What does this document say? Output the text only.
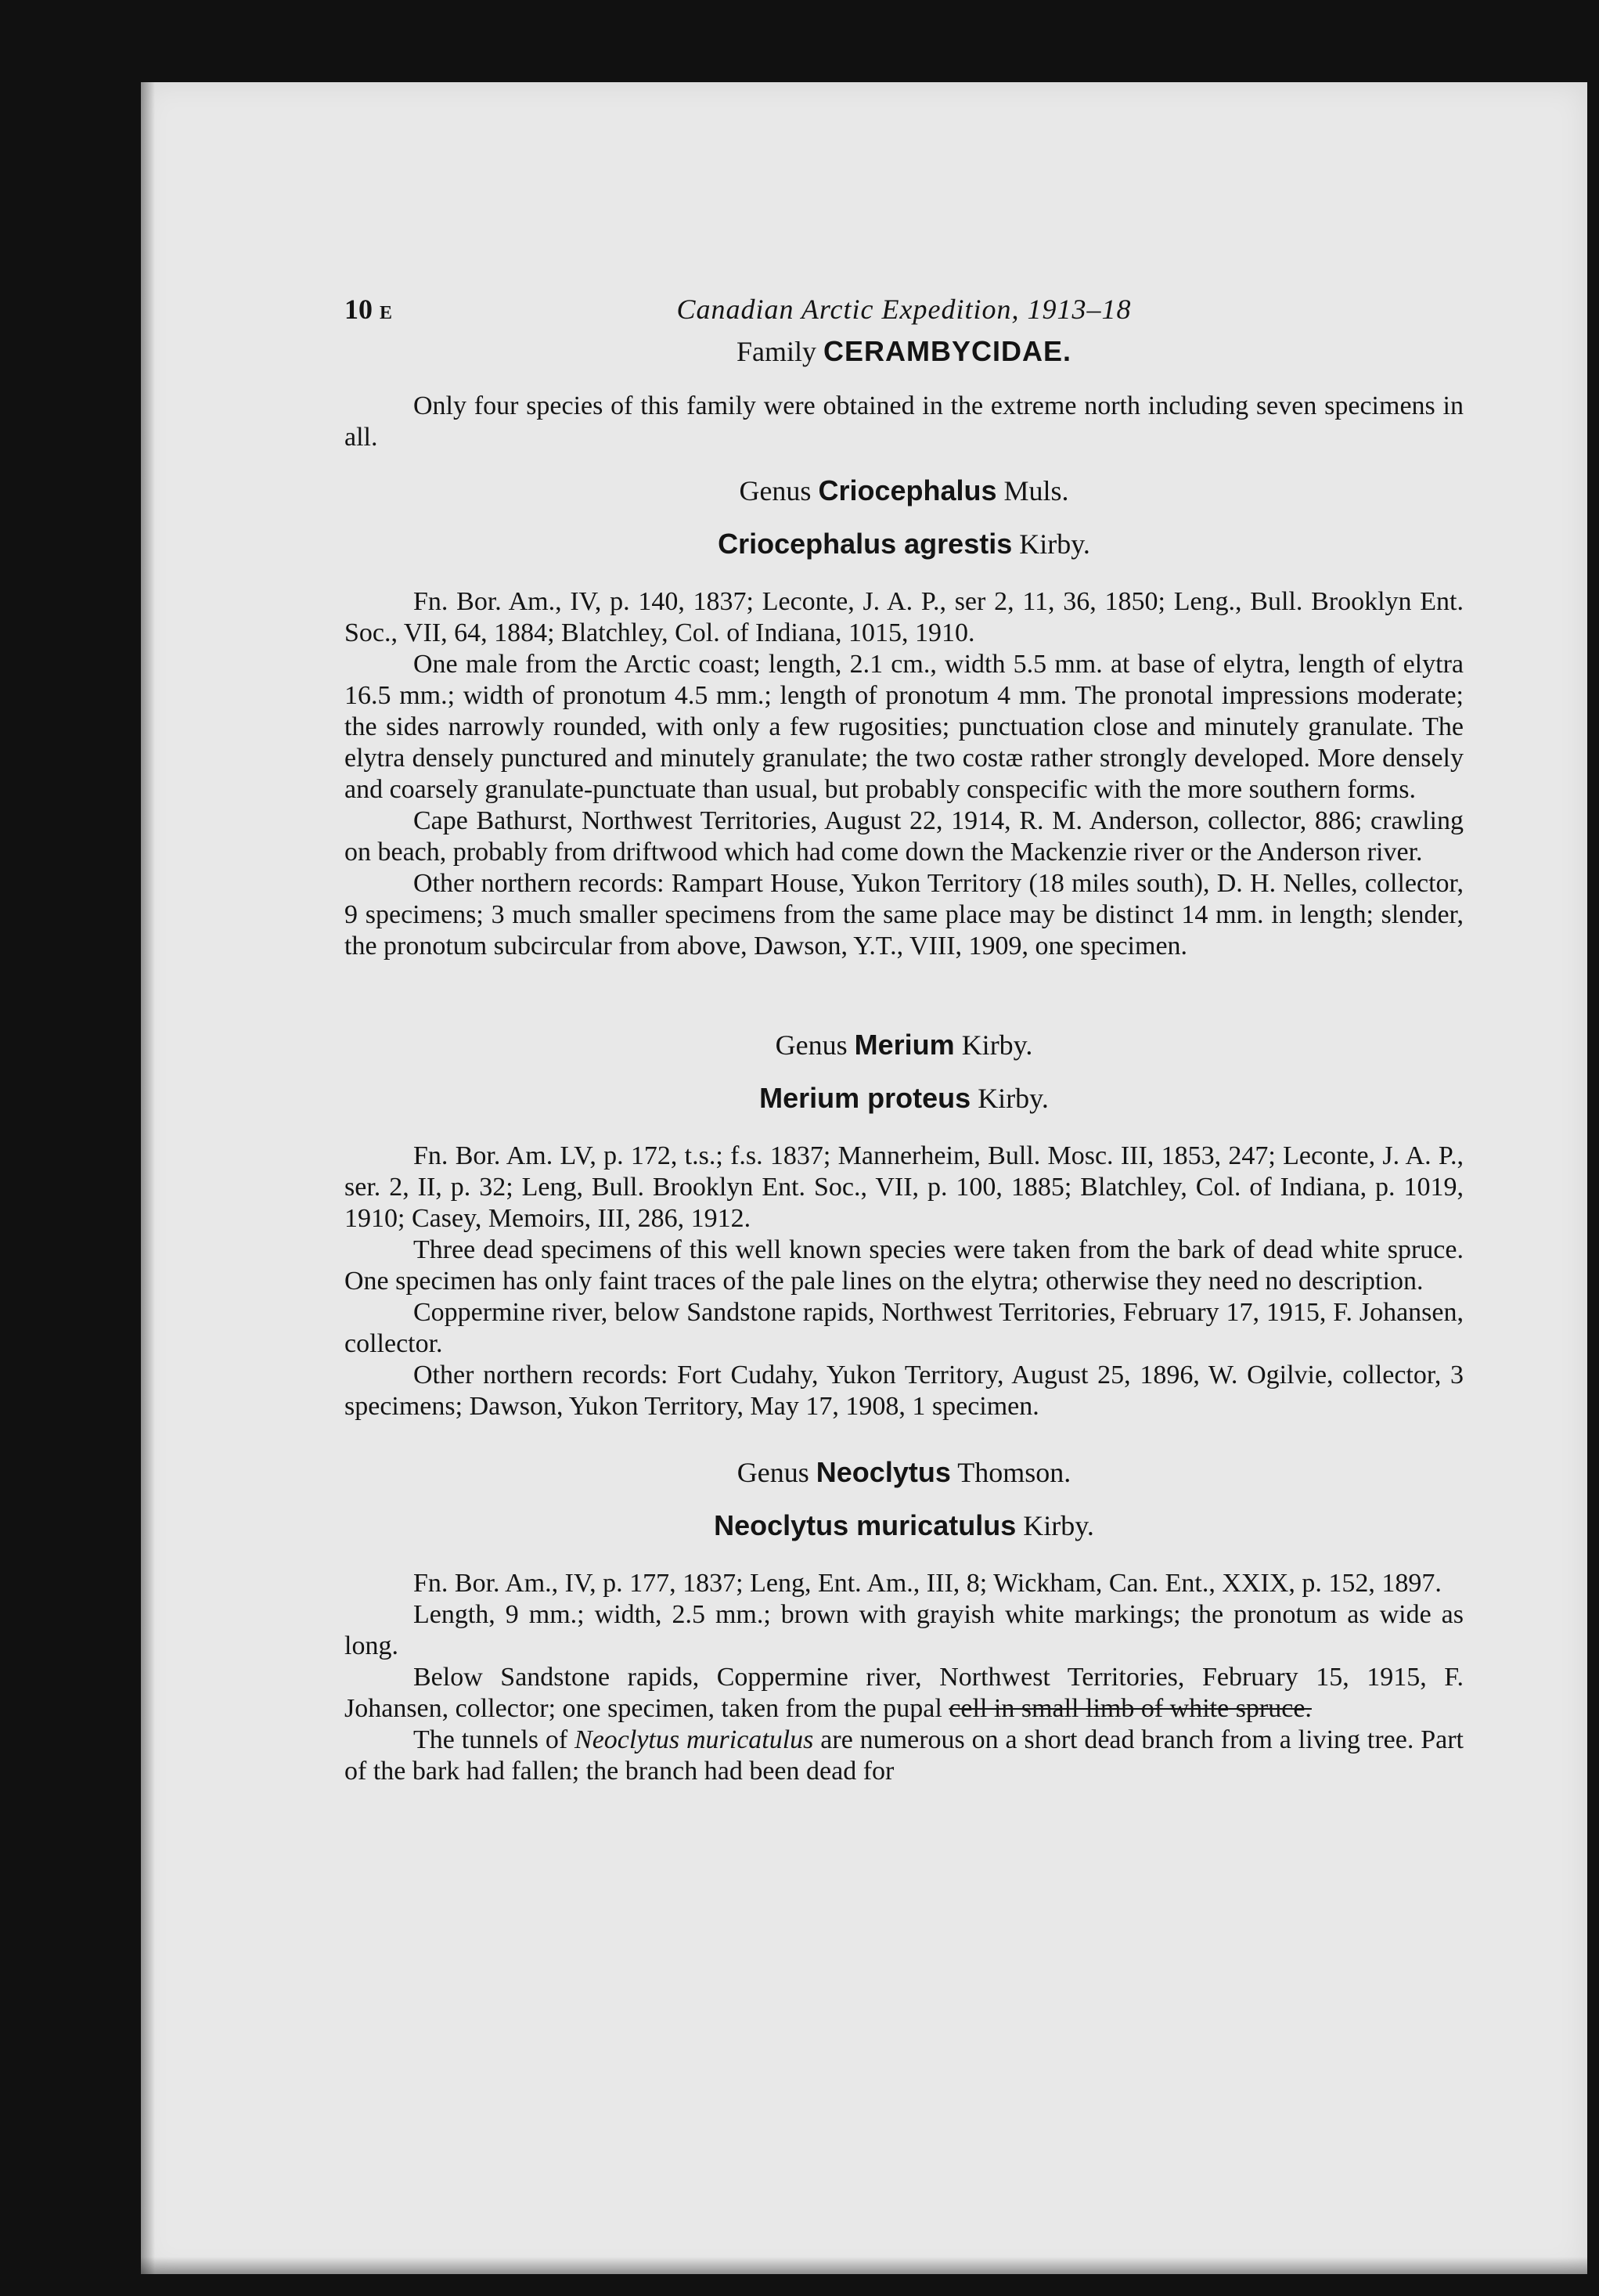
10 E	Canadian Arctic Expedition, 1913–18
Family CERAMBYCIDAE.

Only four species of this family were obtained in the extreme north including seven specimens in all.

Genus Criocephalus Muls.
Criocephalus agrestis Kirby.

Fn. Bor. Am., IV, p. 140, 1837; Leconte, J. A. P., ser 2, 11, 36, 1850; Leng., Bull. Brooklyn Ent. Soc., VII, 64, 1884; Blatchley, Col. of Indiana, 1015, 1910.

One male from the Arctic coast; length, 2.1 cm., width 5.5 mm. at base of elytra, length of elytra 16.5 mm.; width of pronotum 4.5 mm.; length of pronotum 4 mm. The pronotal impressions moderate; the sides narrowly rounded, with only a few rugosities; punctuation close and minutely granulate. The elytra densely punctured and minutely granulate; the two costæ rather strongly developed. More densely and coarsely granulate-punctuate than usual, but probably conspecific with the more southern forms.

Cape Bathurst, Northwest Territories, August 22, 1914, R. M. Anderson, collector, 886; crawling on beach, probably from driftwood which had come down the Mackenzie river or the Anderson river.

Other northern records: Rampart House, Yukon Territory (18 miles south), D. H. Nelles, collector, 9 specimens; 3 much smaller specimens from the same place may be distinct 14 mm. in length; slender, the pronotum subcircular from above, Dawson, Y.T., VIII, 1909, one specimen.

Genus Merium Kirby.
Merium proteus Kirby.

Fn. Bor. Am. LV, p. 172, t.s.; f.s. 1837; Mannerheim, Bull. Mosc. III, 1853, 247; Leconte, J. A. P., ser. 2, II, p. 32; Leng, Bull. Brooklyn Ent. Soc., VII, p. 100, 1885; Blatchley, Col. of Indiana, p. 1019, 1910; Casey, Memoirs, III, 286, 1912.

Three dead specimens of this well known species were taken from the bark of dead white spruce. One specimen has only faint traces of the pale lines on the elytra; otherwise they need no description.

Coppermine river, below Sandstone rapids, Northwest Territories, February 17, 1915, F. Johansen, collector.

Other northern records: Fort Cudahy, Yukon Territory, August 25, 1896, W. Ogilvie, collector, 3 specimens; Dawson, Yukon Territory, May 17, 1908, 1 specimen.

Genus Neoclytus Thomson.
Neoclytus muricatulus Kirby.

Fn. Bor. Am., IV, p. 177, 1837; Leng, Ent. Am., III, 8; Wickham, Can. Ent., XXIX, p. 152, 1897.

Length, 9 mm.; width, 2.5 mm.; brown with grayish white markings; the pronotum as wide as long.

Below Sandstone rapids, Coppermine river, Northwest Territories, February 15, 1915, F. Johansen, collector; one specimen, taken from the pupal cell in small limb of white spruce.

The tunnels of Neoclytus muricatulus are numerous on a short dead branch from a living tree. Part of the bark had fallen; the branch had been dead for
